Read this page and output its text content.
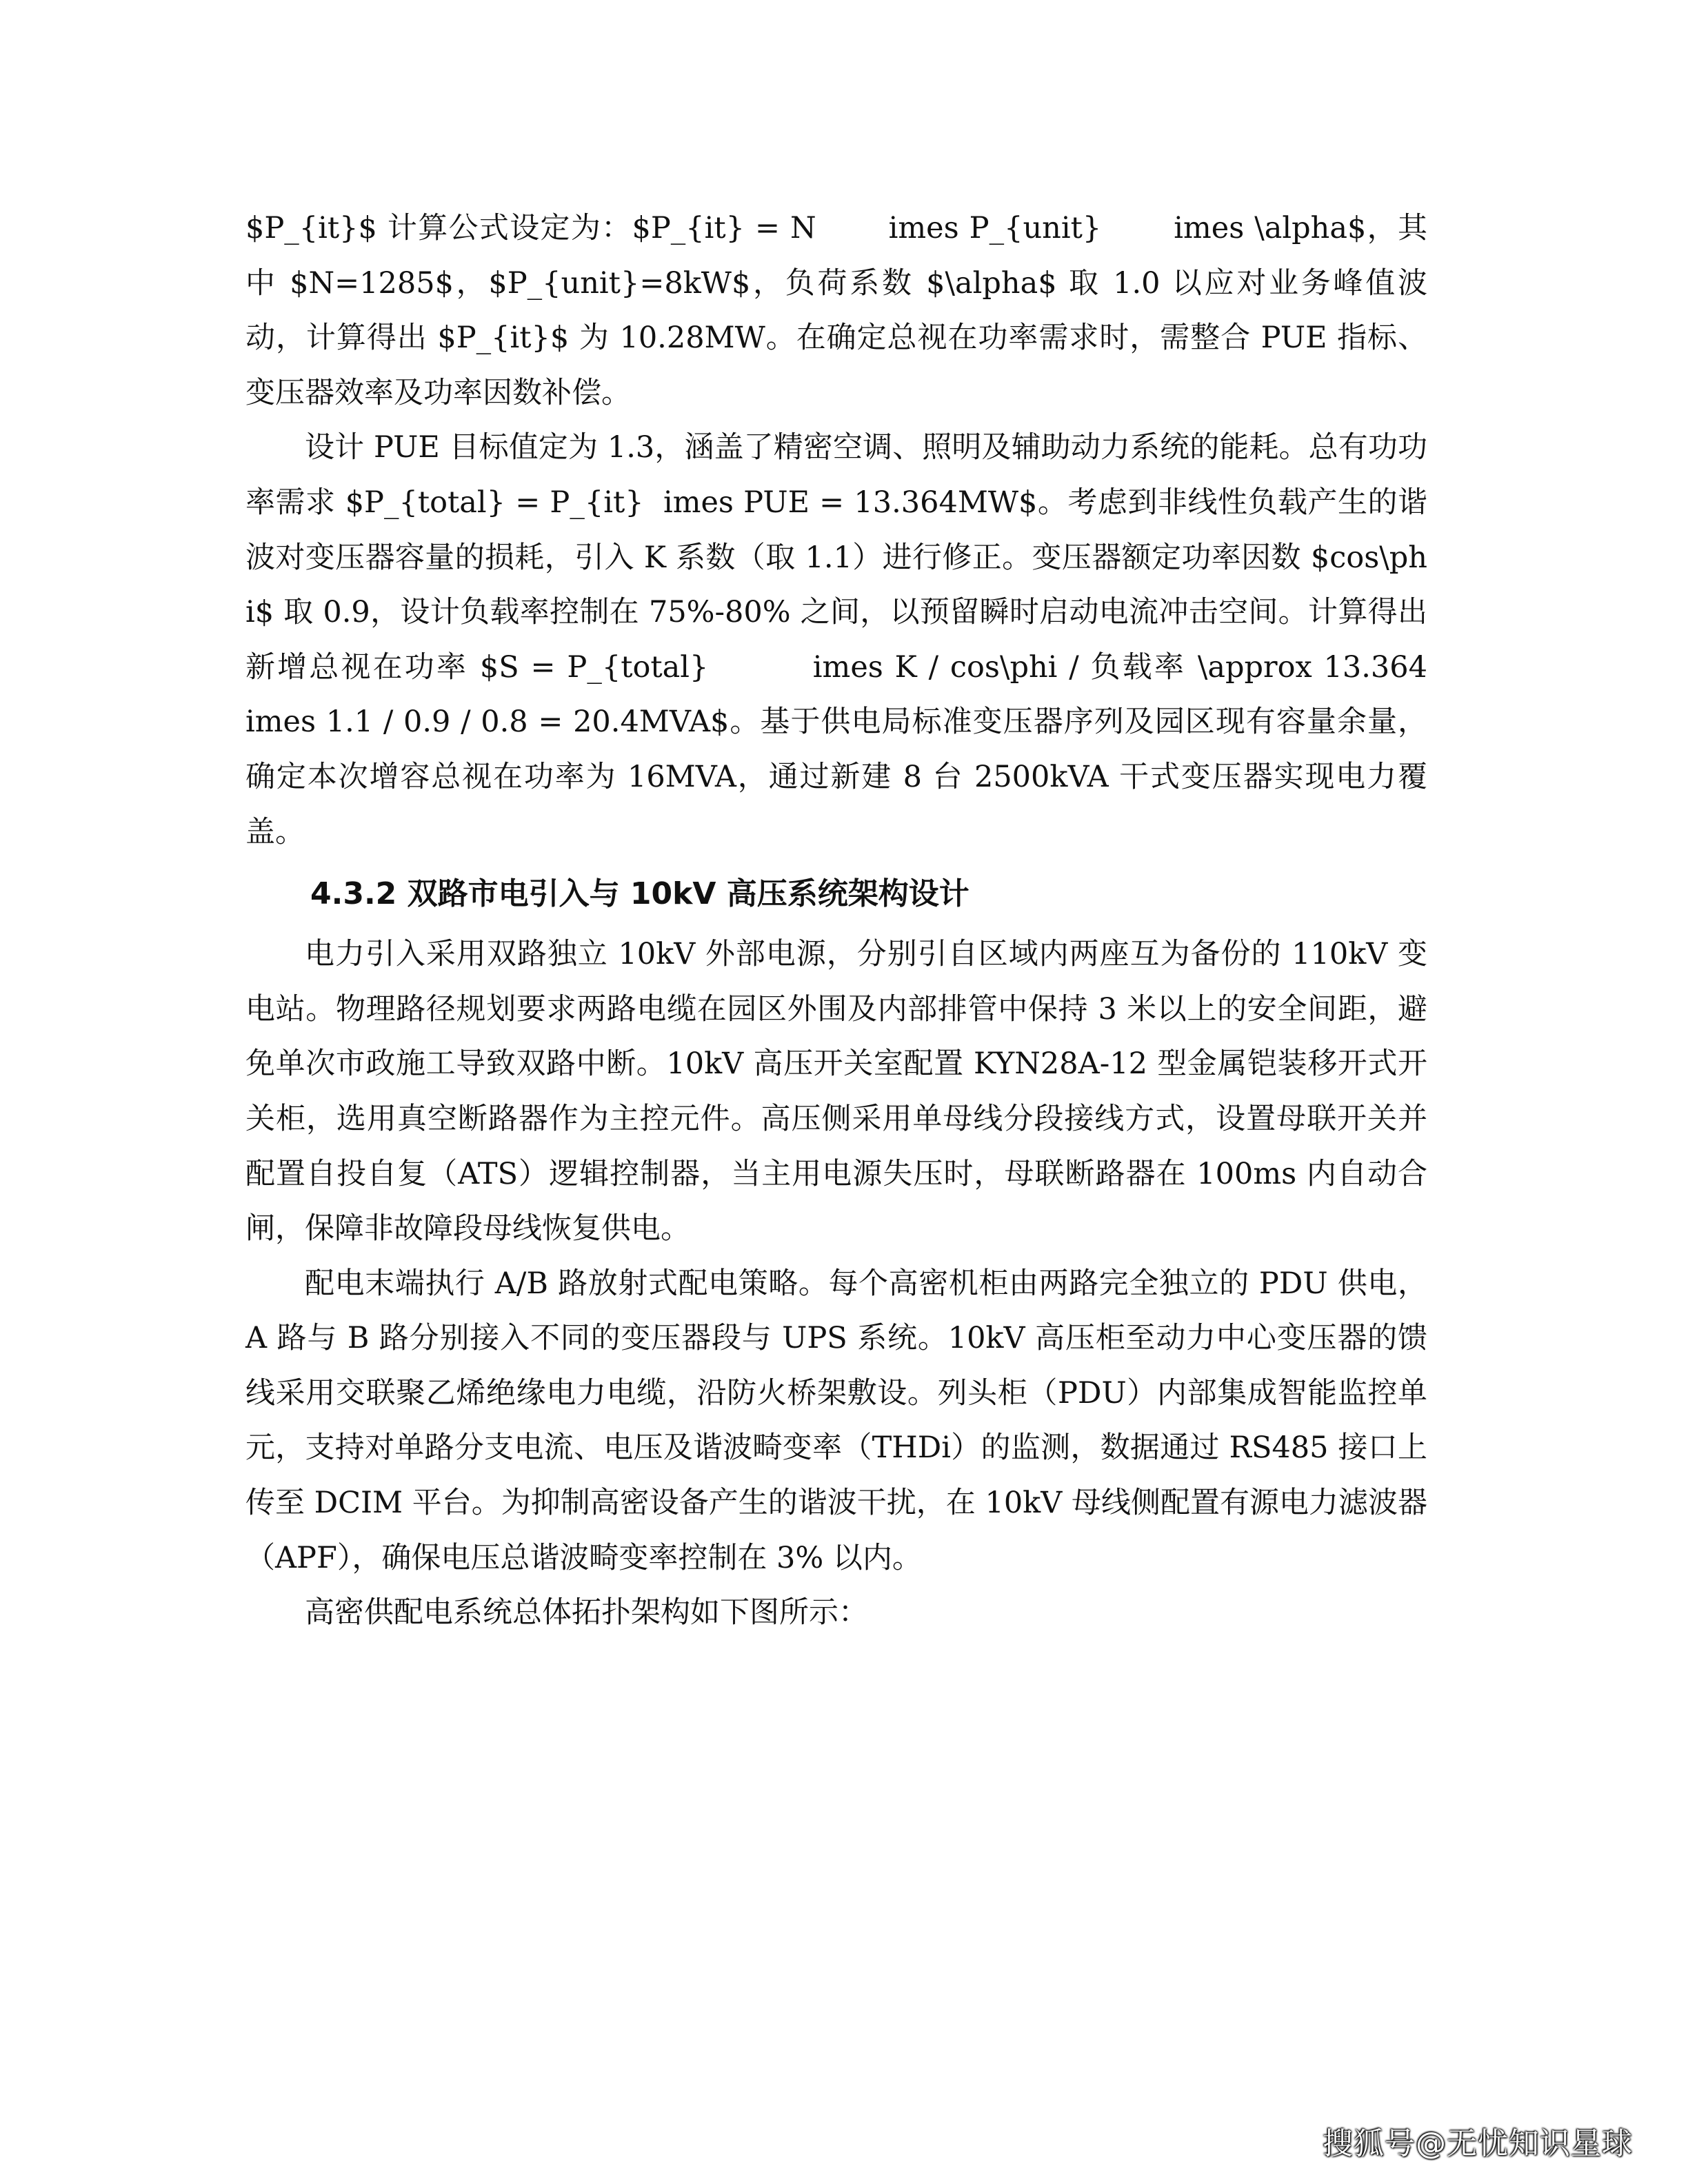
$P_{it}$ 计算公式设定为：$P_{it} = N       imes P_{unit}       imes \alpha$，其中 $N=1285$，$P_{unit}=8kW$，负荷系数 $\alpha$ 取 1.0 以应对业务峰值波动，计算得出 $P_{it}$ 为 10.28MW。在确定总视在功率需求时，需整合 PUE 指标、变压器效率及功率因数补偿。

设计 PUE 目标值定为 1.3，涵盖了精密空调、照明及辅助动力系统的能耗。总有功功率需求 $P_{total} = P_{it}  imes PUE = 13.364MW$。考虑到非线性负载产生的谐波对变压器容量的损耗，引入 K 系数（取 1.1）进行修正。变压器额定功率因数 $cos\phi$ 取 0.9，设计负载率控制在 75%-80% 之间，以预留瞬时启动电流冲击空间。计算得出新增总视在功率 $S = P_{total}         imes K / cos\phi / 负载率 \approx 13.364      imes 1.1 / 0.9 / 0.8 = 20.4MVA$。基于供电局标准变压器序列及园区现有容量余量，确定本次增容总视在功率为 16MVA，通过新建 8 台 2500kVA 干式变压器实现电力覆盖。

4.3.2 双路市电引入与 10kV 高压系统架构设计

电力引入采用双路独立 10kV 外部电源，分别引自区域内两座互为备份的 110kV 变电站。物理路径规划要求两路电缆在园区外围及内部排管中保持 3 米以上的安全间距，避免单次市政施工导致双路中断。10kV 高压开关室配置 KYN28A-12 型金属铠装移开式开关柜，选用真空断路器作为主控元件。高压侧采用单母线分段接线方式，设置母联开关并配置自投自复（ATS）逻辑控制器，当主用电源失压时，母联断路器在 100ms 内自动合闸，保障非故障段母线恢复供电。

配电末端执行 A/B 路放射式配电策略。每个高密机柜由两路完全独立的 PDU 供电，A 路与 B 路分别接入不同的变压器段与 UPS 系统。10kV 高压柜至动力中心变压器的馈线采用交联聚乙烯绝缘电力电缆，沿防火桥架敷设。列头柜（PDU）内部集成智能监控单元，支持对单路分支电流、电压及谐波畸变率（THDi）的监测，数据通过 RS485 接口上传至 DCIM 平台。为抑制高密设备产生的谐波干扰，在 10kV 母线侧配置有源电力滤波器（APF），确保电压总谐波畸变率控制在 3% 以内。

高密供配电系统总体拓扑架构如下图所示：

搜狐号@无忧知识星球
